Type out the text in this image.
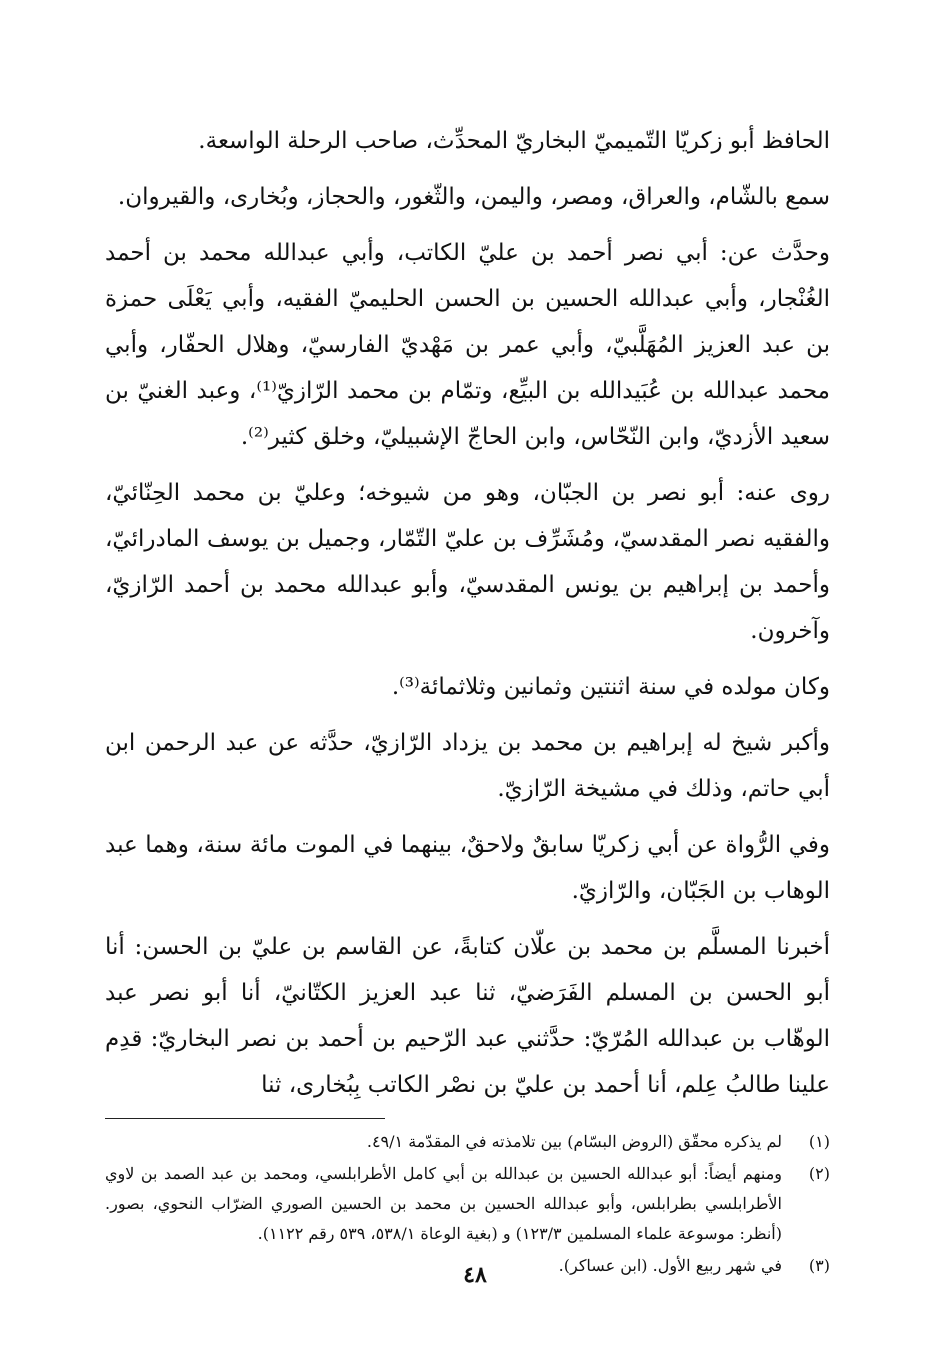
الحافظ أبو زكريّا التّميميّ البخاريّ المحدِّث، صاحب الرحلة الواسعة.

سمع بالشّام، والعراق، ومصر، واليمن، والثّغور، والحجاز، وبُخارى، والقيروان.

وحدَّث عن: أبي نصر أحمد بن عليّ الكاتب، وأبي عبدالله محمد بن أحمد الغُنْجار، وأبي عبدالله الحسين بن الحسن الحليميّ الفقيه، وأبي يَعْلَى حمزة بن عبد العزيز المُهَلَّبيّ، وأبي عمر بن مَهْديّ الفارسيّ، وهلال الحفّار، وأبي محمد عبدالله بن عُبَيدالله بن البيِّع، وتمّام بن محمد الرّازيّ⁽¹⁾، وعبد الغنيّ بن سعيد الأزديّ، وابن النّحّاس، وابن الحاجّ الإشبيليّ، وخلق كثير⁽²⁾.

روى عنه: أبو نصر بن الجبّان، وهو من شيوخه؛ وعليّ بن محمد الحِنّائيّ، والفقيه نصر المقدسيّ، ومُشَرِّف بن عليّ التّمّار، وجميل بن يوسف المادرائيّ، وأحمد بن إبراهيم بن يونس المقدسيّ، وأبو عبدالله محمد بن أحمد الرّازيّ، وآخرون.

وكان مولده في سنة اثنتين وثمانين وثلاثمائة⁽³⁾.

وأكبر شيخ له إبراهيم بن محمد بن يزداد الرّازيّ، حدَّثه عن عبد الرحمن ابن أبي حاتم، وذلك في مشيخة الرّازيّ.

وفي الرُّواة عن أبي زكريّا سابقٌ ولاحقٌ، بينهما في الموت مائة سنة، وهما عبد الوهاب بن الجَبّان، والرّازيّ.

أخبرنا المسلَّم بن محمد بن علّان كتابةً، عن القاسم بن عليّ بن الحسن: أنا أبو الحسن بن المسلم الفَرَضيّ، ثنا عبد العزيز الكتّانيّ، أنا أبو نصر عبد الوهّاب بن عبدالله المُرّيّ: حدَّثني عبد الرّحيم بن أحمد بن نصر البخاريّ: قدِم علينا طالبُ عِلم، أنا أحمد بن عليّ بن نصْر الكاتب بِبُخارى، ثنا

(١)
لم يذكره محقّق (الروض البسّام) بين تلامذته في المقدّمة ٤٩/١.
(٢)
ومنهم أيضاً: أبو عبدالله الحسين بن عبدالله بن أبي كامل الأطرابلسي، ومحمد بن عبد الصمد بن لاوي الأطرابلسي بطرابلس، وأبو عبدالله الحسين بن محمد بن الحسين الصوري الضرّاب النحوي، بصور. (أنظر: موسوعة علماء المسلمين ١٢٣/٣) و (بغية الوعاة ٥٣٨/١، ٥٣٩ رقم ١١٢٢).
(٣)
في شهر ربيع الأول. (ابن عساكر).
٤٨
